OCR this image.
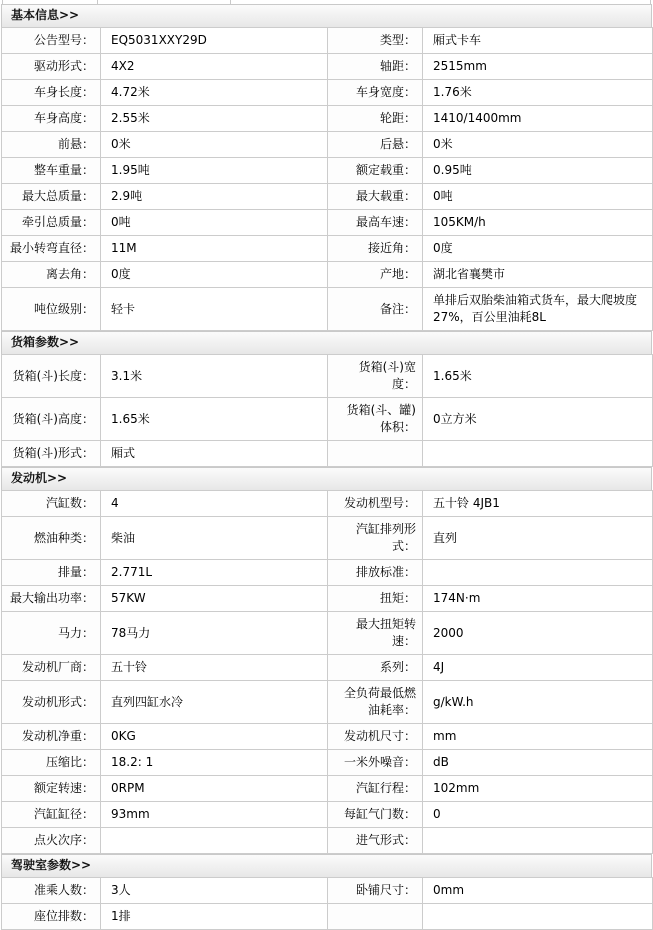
基本信息>>
公告型号：	EQ5031XXY29D	类型：	厢式卡车
驱动形式：	4X2	轴距：	2515mm
车身长度：	4.72米	车身宽度：	1.76米
车身高度：	2.55米	轮距：	1410/1400mm
前悬：	0米	后悬：	0米
整车重量：	1.95吨	额定载重：	0.95吨
最大总质量：	2.9吨	最大载重：	0吨
牵引总质量：	0吨	最高车速：	105KM/h
最小转弯直径：	11M	接近角：	0度
离去角：	0度	产地：	湖北省襄樊市
吨位级别：	轻卡	备注：	单排后双胎柴油箱式货车，最大爬坡度27%，百公里油耗8L
货箱参数>>
货箱(斗)长度：	3.1米	货箱(斗)宽度：	1.65米
货箱(斗)高度：	1.65米	货箱(斗、罐)体积：	0立方米
货箱(斗)形式：	厢式		
发动机>>
汽缸数：	4	发动机型号：	五十铃 4JB1
燃油种类：	柴油	汽缸排列形式：	直列
排量：	2.771L	排放标准：	
最大输出功率：	57KW	扭矩：	174N·m
马力：	78马力	最大扭矩转速：	2000
发动机厂商：	五十铃	系列：	4J
发动机形式：	直列四缸水冷	全负荷最低燃油耗率：	g/kW.h
发动机净重：	0KG	发动机尺寸：	mm
压缩比：	18.2: 1	一米外噪音：	dB
额定转速：	0RPM	汽缸行程：	102mm
汽缸缸径：	93mm	每缸气门数：	0
点火次序：		进气形式：	
驾驶室参数>>
准乘人数：	3人	卧铺尺寸：	0mm
座位排数：	1排		
